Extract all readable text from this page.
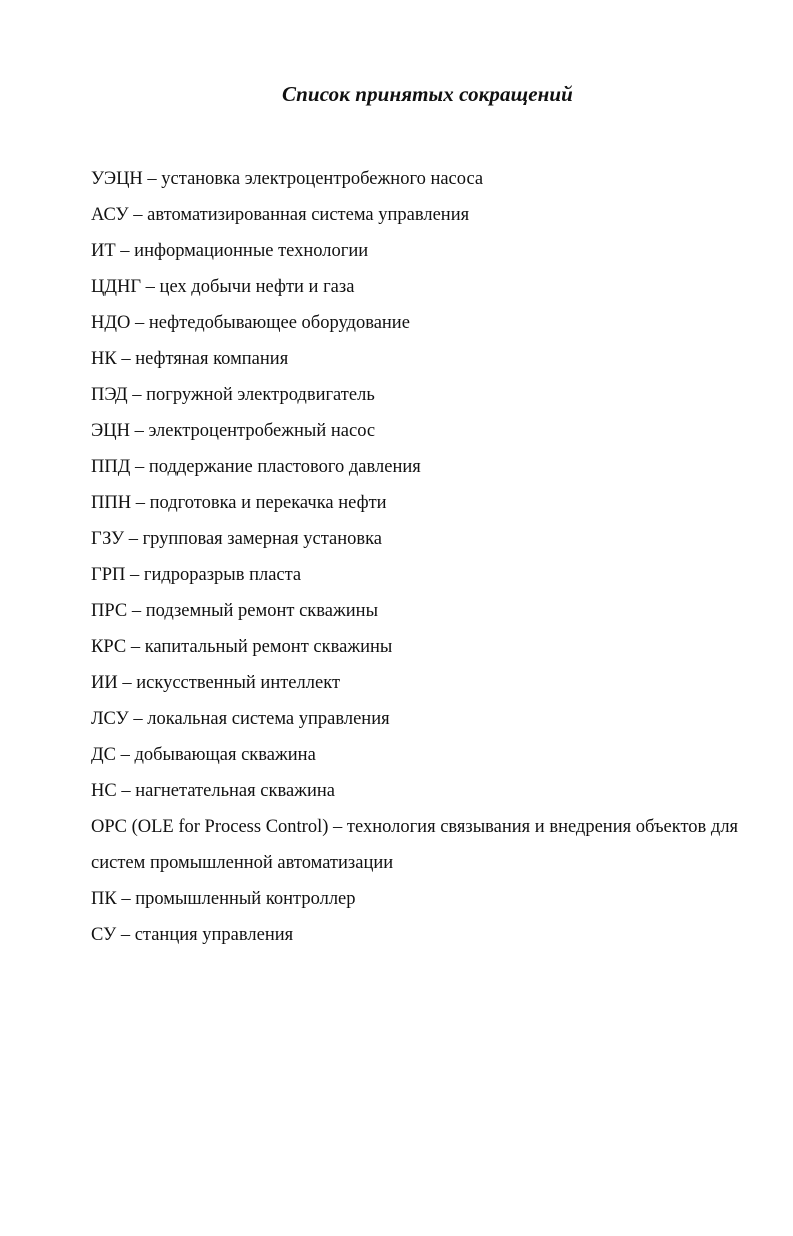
Список принятых сокращений
УЭЦН – установка электроцентробежного насоса
АСУ – автоматизированная система управления
ИТ – информационные технологии
ЦДНГ – цех добычи нефти и газа
НДО – нефтедобывающее оборудование
НК – нефтяная компания
ПЭД – погружной электродвигатель
ЭЦН – электроцентробежный насос
ППД – поддержание пластового давления
ППН – подготовка и перекачка нефти
ГЗУ – групповая замерная установка
ГРП – гидроразрыв пласта
ПРС – подземный ремонт скважины
КРС – капитальный ремонт скважины
ИИ – искусственный интеллект
ЛСУ – локальная система управления
ДС – добывающая скважина
НС – нагнетательная скважина
OPC (OLE for Process Control) – технология связывания и внедрения объектов для систем промышленной автоматизации
ПК – промышленный контроллер
СУ – станция управления
